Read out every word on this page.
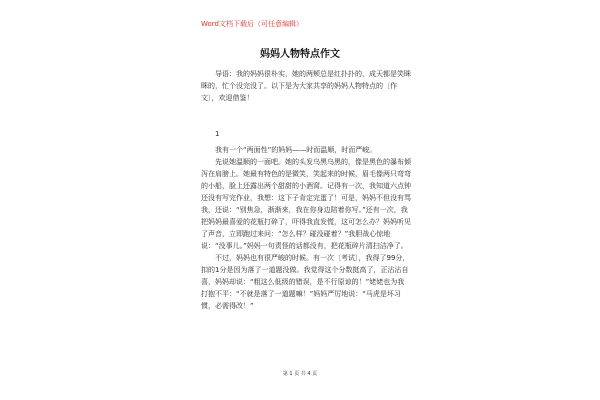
Word文档下载后（可任意编辑）
妈妈人物特点作文

导语：我的妈妈很朴实，她的两颊总是红扑扑的，成天都是笑眯眯的，忙个没完没了。以下是为大家共享的妈妈人物特点的〔作文〕，欢迎借鉴！

1

我有一个“两面性”的妈妈——时而温顺，时而严峻。

先说她温顺的一面吧。她的头发乌黑乌黑的，像是黑色的瀑布倾泻在肩膀上。她最有特色的是微笑，笑起来的时候，眉毛像两只弯弯的小船，脸上还露出两个甜甜的小酒窝。记得有一次，我知道六点钟还没有写完作业，我想：这下子肯定完蛋了！可是，妈妈不但没有骂我，还说：“别焦急，渐渐来，我在你身边陪着你写。”还有一次，我把妈妈最喜爱的花瓶打碎了，吓得我直发慌，这可怎么办？妈妈听见了声音，立即跑过来问：“怎么样？碰没碰着？”我胆战心惊地说：“没事儿。”妈妈一句责怪的话都没有，把花瓶碎片清扫洁净了。

不过，妈妈也有很严峻的时候。有一次〔考试〕，我得了99分，扣的1分是因为落了一道题没做。我觉得这个分数挺高了，正沾沾自喜，妈妈却说：“粗这么低级的错误，是不行原谅的！”姥姥也为我打抱不平：“不就是落了一道题嘛！”妈妈严厉地说：“马虎是坏习惯，必需得改！”

第 1 页 共 4 页
